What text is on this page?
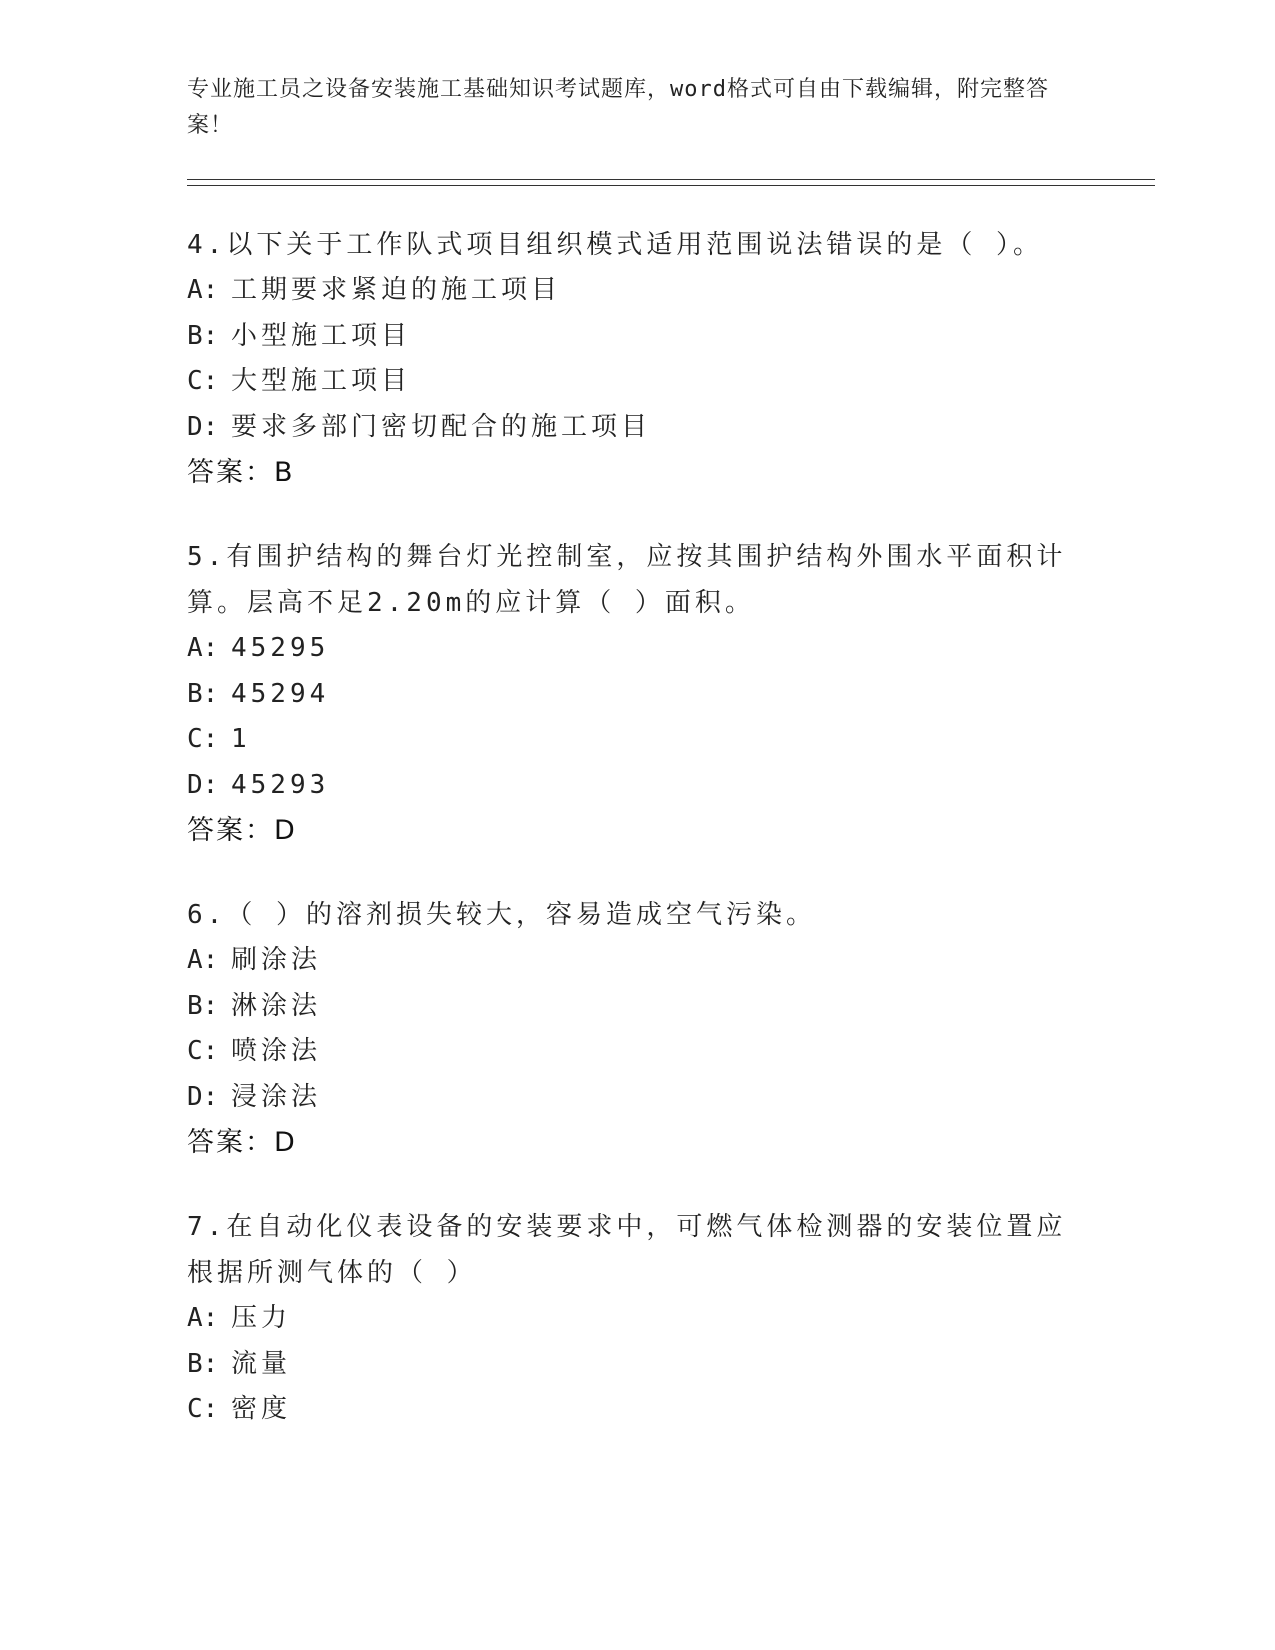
专业施工员之设备安装施工基础知识考试题库，word格式可自由下载编辑，附完整答案！
4.以下关于工作队式项目组织模式适用范围说法错误的是（ ）。
A: 工期要求紧迫的施工项目
B: 小型施工项目
C: 大型施工项目
D: 要求多部门密切配合的施工项目
答案：B
5.有围护结构的舞台灯光控制室，应按其围护结构外围水平面积计算。层高不足2.20m的应计算（ ）面积。
A: 45295
B: 45294
C: 1
D: 45293
答案：D
6.（ ）的溶剂损失较大，容易造成空气污染。
A: 刷涂法
B: 淋涂法
C: 喷涂法
D: 浸涂法
答案：D
7.在自动化仪表设备的安装要求中，可燃气体检测器的安装位置应根据所测气体的（ ）
A: 压力
B: 流量
C: 密度
